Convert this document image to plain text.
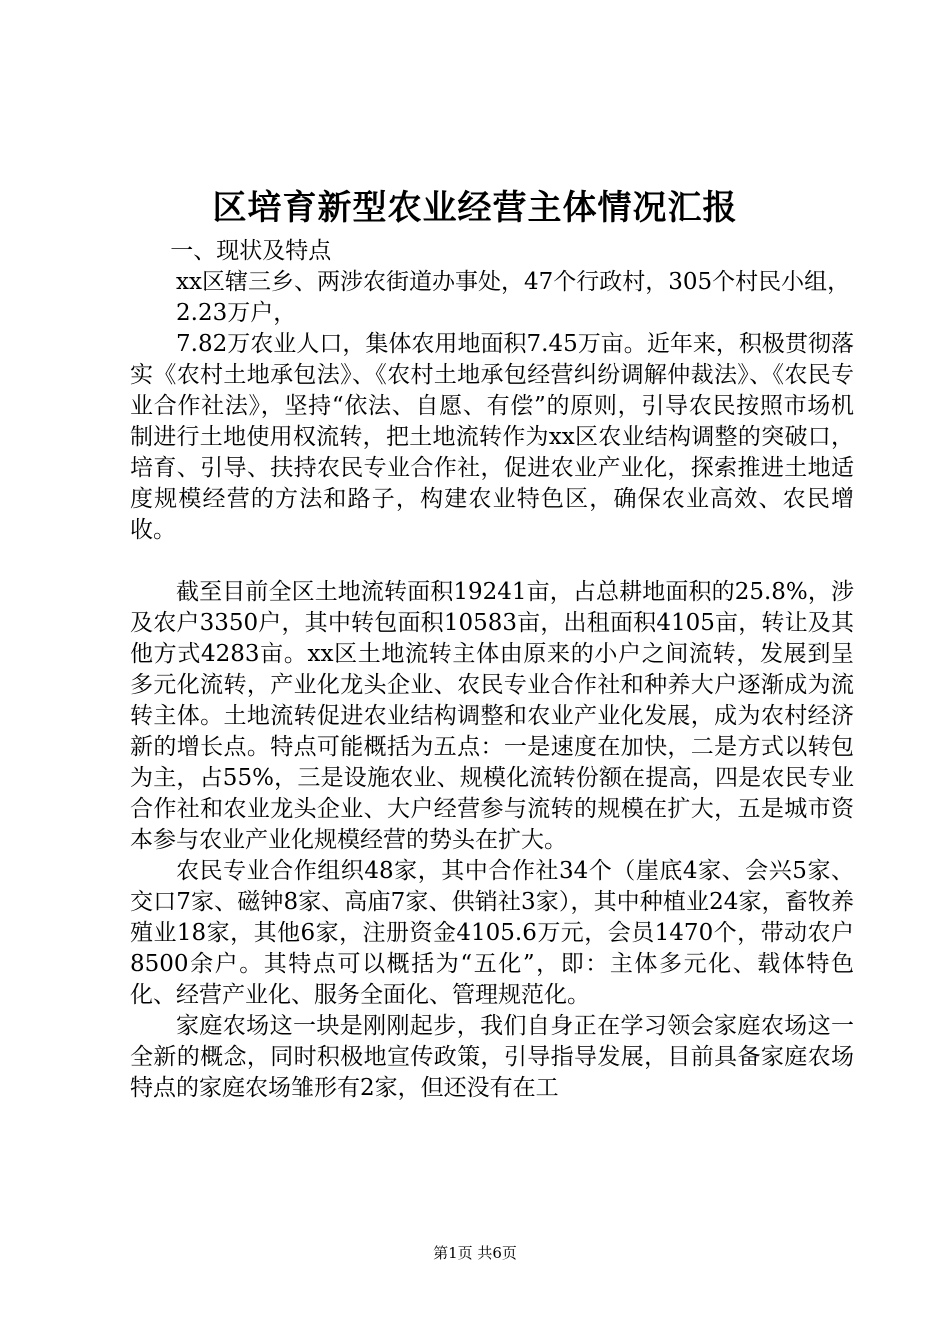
区培育新型农业经营主体情况汇报

一、现状及特点

xx区辖三乡、两涉农街道办事处，47个行政村，305个村民小组，

2.23万户，

7.82万农业人口，集体农用地面积7.45万亩。近年来，积极贯彻落实《农村土地承包法》、《农村土地承包经营纠纷调解仲裁法》、《农民专业合作社法》，坚持“依法、自愿、有偿”的原则，引导农民按照市场机制进行土地使用权流转，把土地流转作为xx区农业结构调整的突破口，培育、引导、扶持农民专业合作社，促进农业产业化，探索推进土地适度规模经营的方法和路子，构建农业特色区，确保农业高效、农民增收。

截至目前全区土地流转面积19241亩，占总耕地面积的25.8%，涉及农户3350户，其中转包面积10583亩，出租面积4105亩，转让及其他方式4283亩。xx区土地流转主体由原来的小户之间流转，发展到呈多元化流转，产业化龙头企业、农民专业合作社和种养大户逐渐成为流转主体。土地流转促进农业结构调整和农业产业化发展，成为农村经济新的增长点。特点可能概括为五点：一是速度在加快，二是方式以转包为主，占55%，三是设施农业、规模化流转份额在提高，四是农民专业合作社和农业龙头企业、大户经营参与流转的规模在扩大，五是城市资本参与农业产业化规模经营的势头在扩大。

农民专业合作组织48家，其中合作社34个（崖底4家、会兴5家、交口7家、磁钟8家、高庙7家、供销社3家），其中种植业24家，畜牧养殖业18家，其他6家，注册资金4105.6万元，会员1470个，带动农户8500余户。其特点可以概括为“五化”，即：主体多元化、载体特色化、经营产业化、服务全面化、管理规范化。

家庭农场这一块是刚刚起步，我们自身正在学习领会家庭农场这一全新的概念，同时积极地宣传政策，引导指导发展，目前具备家庭农场特点的家庭农场雏形有2家，但还没有在工

第1页 共6页
